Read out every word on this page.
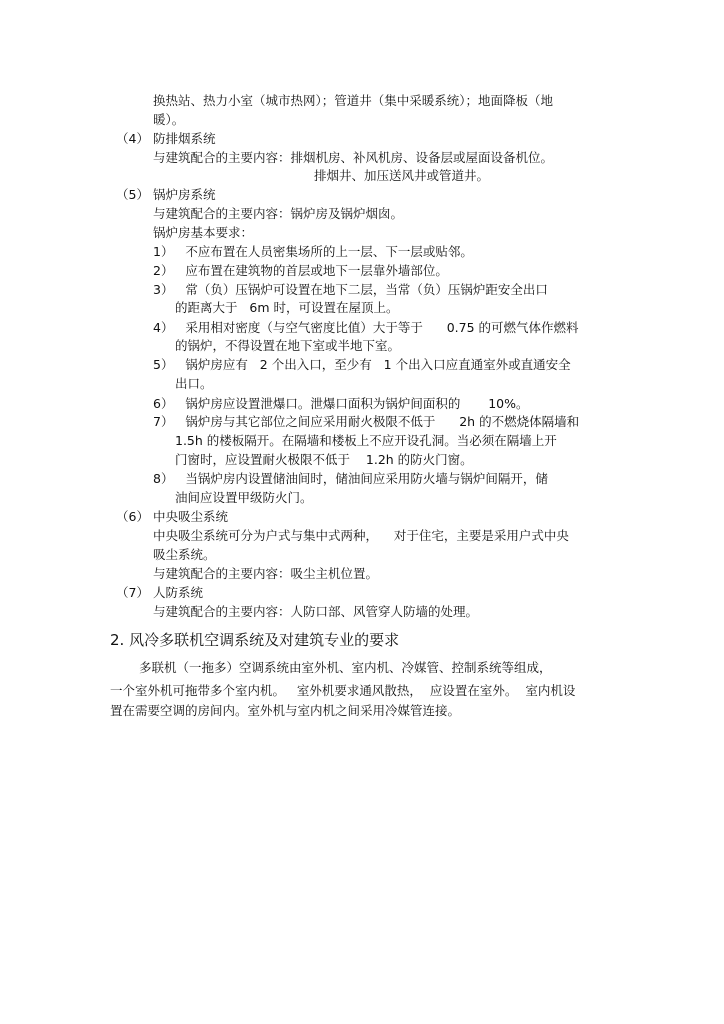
换热站、热力小室（城市热网）；管道井（集中采暖系统）；地面降板（地
暖）。
（4） 防排烟系统
与建筑配合的主要内容：排烟机房、补风机房、设备层或屋面设备机位。
排烟井、加压送风井或管道井。
（5） 锅炉房系统
与建筑配合的主要内容：锅炉房及锅炉烟囱。
锅炉房基本要求：
1）   不应布置在人员密集场所的上一层、下一层或贴邻。
2）   应布置在建筑物的首层或地下一层靠外墙部位。
3）   常（负）压锅炉可设置在地下二层，当常（负）压锅炉距安全出口
的距离大于   6m 时，可设置在屋顶上。
4）   采用相对密度（与空气密度比值）大于等于      0.75 的可燃气体作燃料
的锅炉，不得设置在地下室或半地下室。
5）   锅炉房应有   2 个出入口，至少有   1 个出入口应直通室外或直通安全
出口。
6）   锅炉房应设置泄爆口。泄爆口面积为锅炉间面积的       10%。
7）   锅炉房与其它部位之间应采用耐火极限不低于      2h 的不燃烧体隔墙和
1.5h 的楼板隔开。在隔墙和楼板上不应开设孔洞。当必须在隔墙上开
门窗时，应设置耐火极限不低于    1.2h 的防火门窗。
8）   当锅炉房内设置储油间时，储油间应采用防火墙与锅炉间隔开，储
油间应设置甲级防火门。
（6） 中央吸尘系统
中央吸尘系统可分为户式与集中式两种，    对于住宅，主要是采用户式中央
吸尘系统。
与建筑配合的主要内容：吸尘主机位置。
（7） 人防系统
与建筑配合的主要内容：人防口部、风管穿人防墙的处理。
2. 风冷多联机空调系统及对建筑专业的要求
多联机（一拖多）空调系统由室外机、室内机、冷媒管、控制系统等组成，
一个室外机可拖带多个室内机。   室外机要求通风散热，  应设置在室外。  室内机设
置在需要空调的房间内。室外机与室内机之间采用冷媒管连接。
